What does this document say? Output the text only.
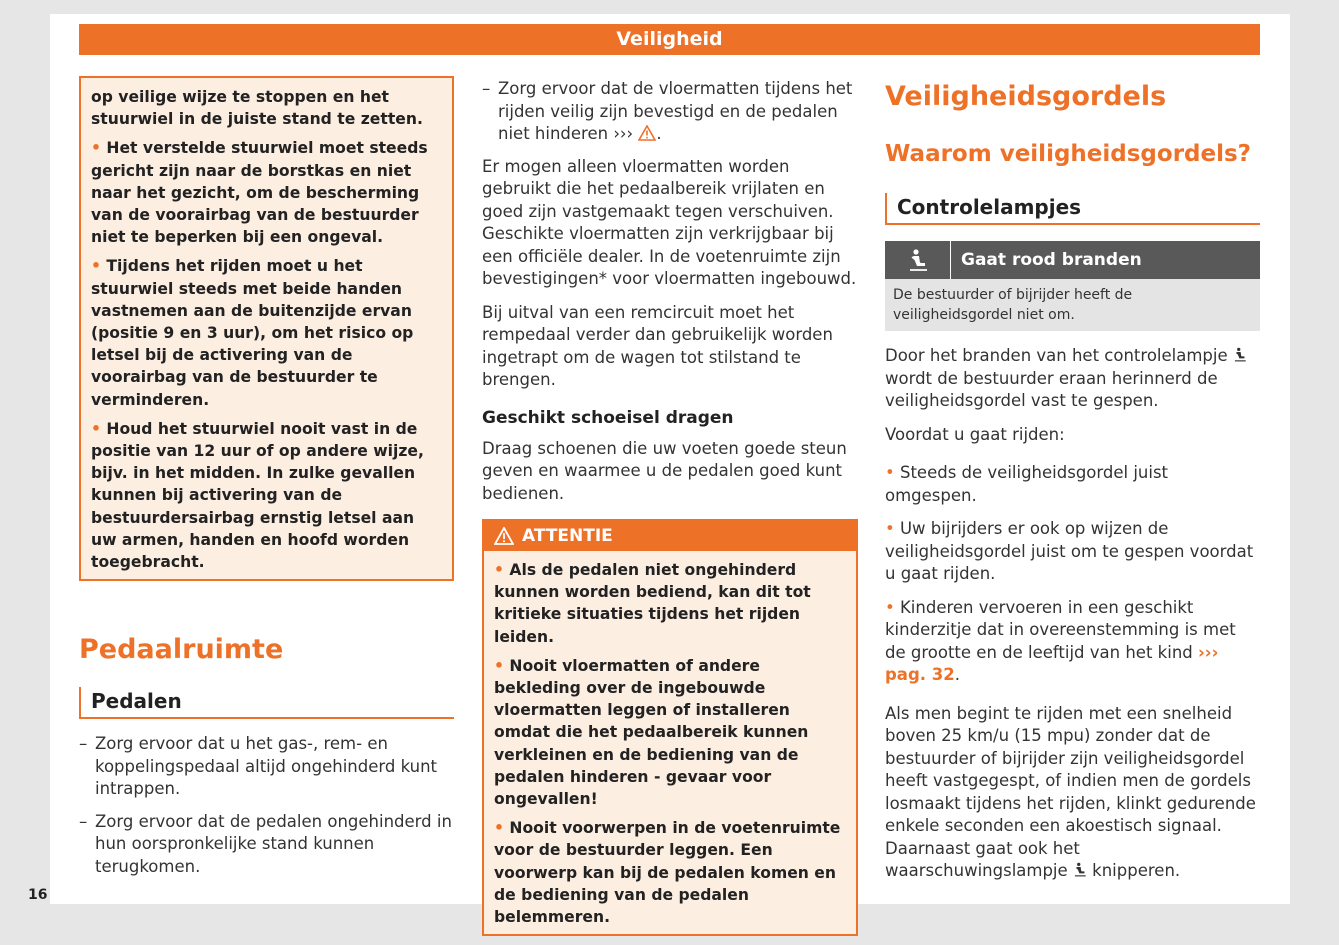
Veiligheid

op veilige wijze te stoppen en het stuurwiel in de juiste stand te zetten.

• Het verstelde stuurwiel moet steeds gericht zijn naar de borstkas en niet naar het gezicht, om de bescherming van de voorairbag van de bestuurder niet te beperken bij een ongeval.

• Tijdens het rijden moet u het stuurwiel steeds met beide handen vastnemen aan de buitenzijde ervan (positie 9 en 3 uur), om het risico op letsel bij de activering van de voorairbag van de bestuurder te verminderen.

• Houd het stuurwiel nooit vast in de positie van 12 uur of op andere wijze, bijv. in het midden. In zulke gevallen kunnen bij activering van de bestuurdersairbag ernstig letsel aan uw armen, handen en hoofd worden toegebracht.

Pedaalruimte
Pedalen
– Zorg ervoor dat u het gas-, rem- en koppelingspedaal altijd ongehinderd kunt intrappen.
– Zorg ervoor dat de pedalen ongehinderd in hun oorspronkelijke stand kunnen terugkomen.
– Zorg ervoor dat de vloermatten tijdens het rijden veilig zijn bevestigd en de pedalen niet hinderen ››› .

Er mogen alleen vloermatten worden gebruikt die het pedaalbereik vrijlaten en goed zijn vastgemaakt tegen verschuiven. Geschikte vloermatten zijn verkrijgbaar bij een officiële dealer. In de voetenruimte zijn bevestigingen* voor vloermatten ingebouwd.

Bij uitval van een remcircuit moet het rempedaal verder dan gebruikelijk worden ingetrapt om de wagen tot stilstand te brengen.

Geschikt schoeisel dragen

Draag schoenen die uw voeten goede steun geven en waarmee u de pedalen goed kunt bedienen.

ATTENTIE

• Als de pedalen niet ongehinderd kunnen worden bediend, kan dit tot kritieke situaties tijdens het rijden leiden.

• Nooit vloermatten of andere bekleding over de ingebouwde vloermatten leggen of installeren omdat die het pedaalbereik kunnen verkleinen en de bediening van de pedalen hinderen - gevaar voor ongevallen!

• Nooit voorwerpen in de voetenruimte voor de bestuurder leggen. Een voorwerp kan bij de pedalen komen en de bediening van de pedalen belemmeren.

Veiligheidsgordels
Waarom veiligheidsgordels?
Controlelampjes
Gaat rood branden
De bestuurder of bijrijder heeft de veiligheidsgordel niet om.

Door het branden van het controlelampje  wordt de bestuurder eraan herinnerd de veiligheidsgordel vast te gespen.

Voordat u gaat rijden:

• Steeds de veiligheidsgordel juist omgespen.

• Uw bijrijders er ook op wijzen de veiligheidsgordel juist om te gespen voordat u gaat rijden.

• Kinderen vervoeren in een geschikt kinderzitje dat in overeenstemming is met de grootte en de leeftijd van het kind ››› pag. 32.

Als men begint te rijden met een snelheid boven 25 km/u (15 mpu) zonder dat de bestuurder of bijrijder zijn veiligheidsgordel heeft vastgegespt, of indien men de gordels losmaakt tijdens het rijden, klinkt gedurende enkele seconden een akoestisch signaal. Daarnaast gaat ook het waarschuwingslampje knipperen.

16
